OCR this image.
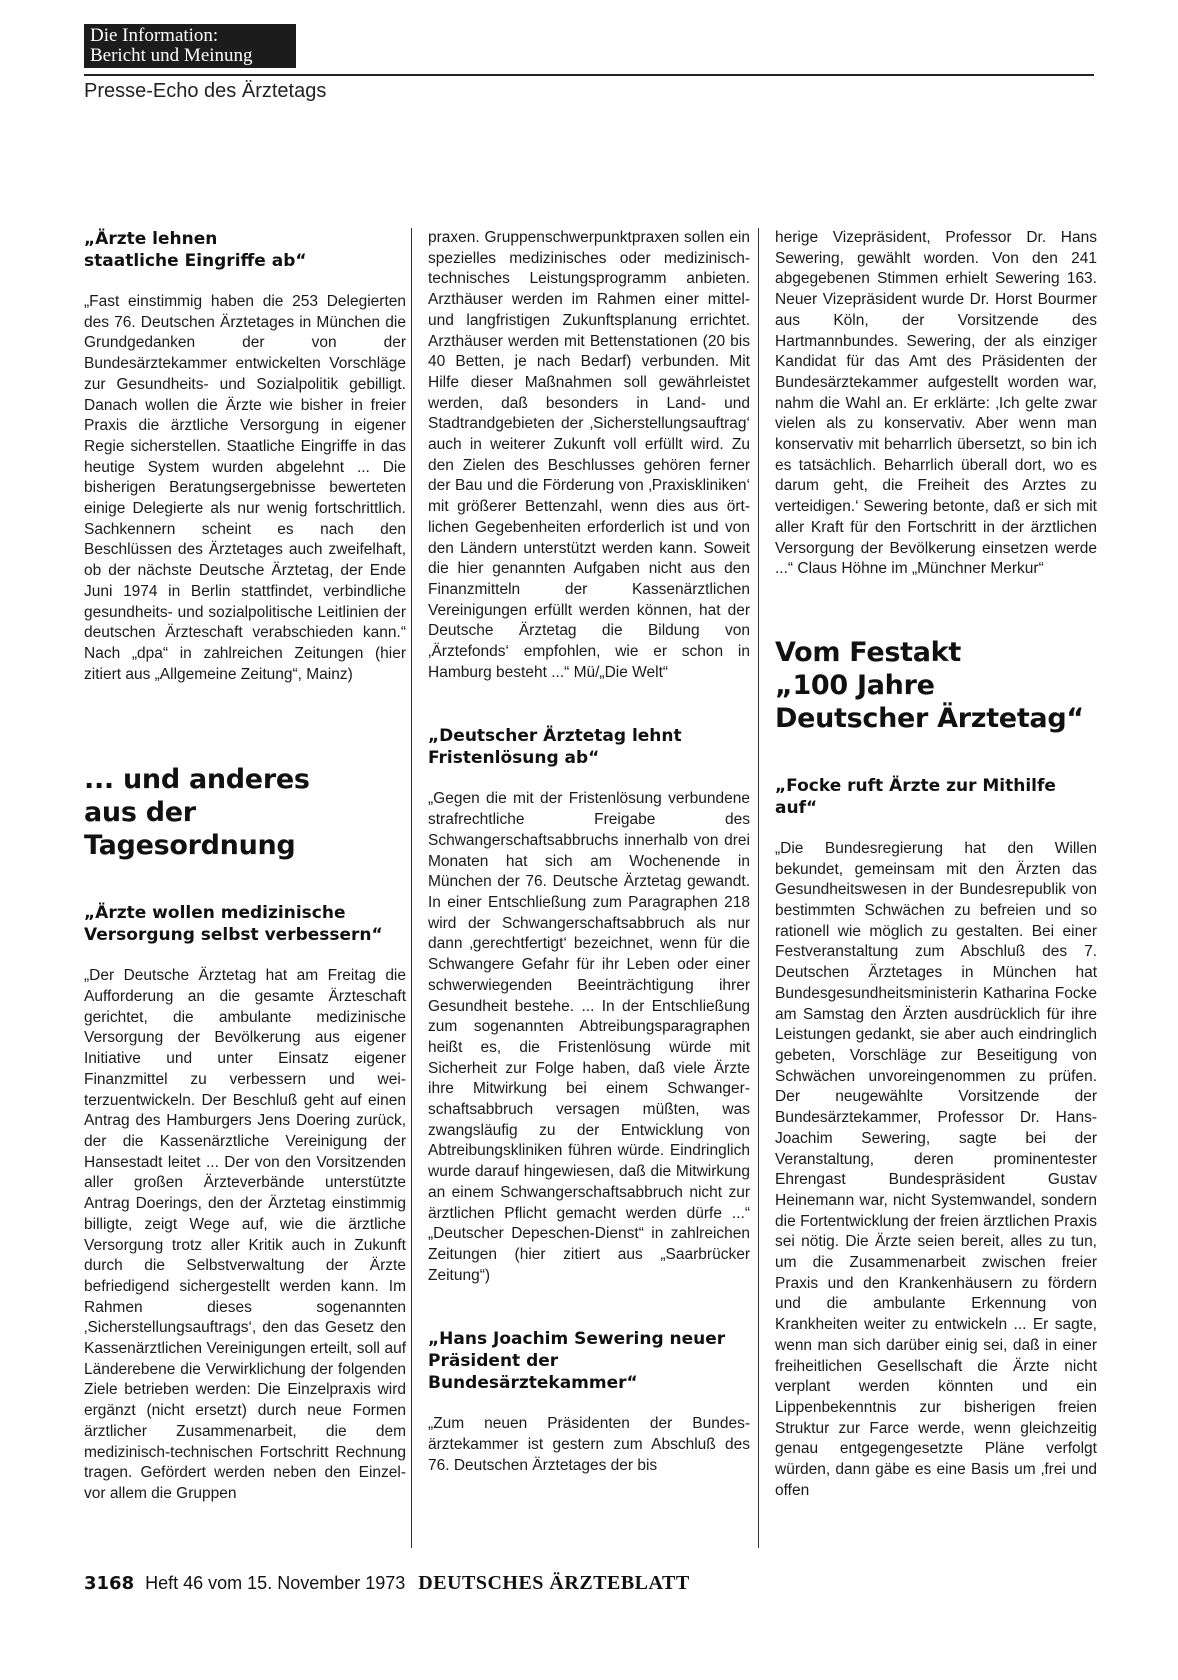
Die Information:
Bericht und Meinung
Presse-Echo des Ärztetags
„Ärzte lehnen
staatliche Eingriffe ab“

„Fast einstimmig haben die 253 Delegierten des 76. Deutschen Ärztetages in München die Grundgedanken der von der Bundesärztekammer entwickelten Vorschläge zur Gesundheits- und Sozialpolitik gebilligt. Danach wollen die Ärzte wie bisher in freier Praxis die ärztliche Versorgung in eigener Regie sicherstellen. Staatliche Eingriffe in das heutige System wurden abgelehnt ... Die bisherigen Beratungsergebnisse bewerteten einige Delegierte als nur wenig fortschrittlich. Sachkennern scheint es nach den Beschlüssen des Ärztetages auch zweifelhaft, ob der nächste Deutsche Ärztetag, der Ende Juni 1974 in Berlin stattfindet, verbindliche gesundheits- und sozialpolitische Leitlinien der deutschen Ärzteschaft verabschieden kann.“ Nach „dpa“ in zahlreichen Zeitungen (hier zitiert aus „Allgemeine Zeitung“, Mainz)

... und anderes
aus der Tagesordnung
„Ärzte wollen medizinische
Versorgung selbst verbessern“

„Der Deutsche Ärztetag hat am Freitag die Aufforderung an die gesamte Ärzteschaft gerichtet, die ambulante medizinische Versorgung der Bevölkerung aus eigener Initiative und unter Einsatz eigener Finanzmittel zu verbessern und weiterzuentwickeln. Der Beschluß geht auf einen Antrag des Hamburgers Jens Doering zurück, der die Kassenärztliche Vereinigung der Hansestadt leitet ... Der von den Vorsitzenden aller großen Ärzteverbände unterstützte Antrag Doerings, den der Ärztetag einstimmig billigte, zeigt Wege auf, wie die ärztliche Versorgung trotz aller Kritik auch in Zukunft durch die Selbstverwaltung der Ärzte befriedigend sichergestellt werden kann. Im Rahmen dieses sogenannten ‚Sicherstellungsauftrags‘, den das Gesetz den Kassenärztlichen Vereinigungen erteilt, soll auf Länderebene die Verwirklichung der folgenden Ziele betrieben werden: Die Einzelpraxis wird ergänzt (nicht ersetzt) durch neue Formen ärztlicher Zusammenarbeit, die dem medizinisch-technischen Fortschritt Rechnung tragen. Gefördert werden neben den Einzel- vor allem die Gruppen

praxen. Gruppenschwerpunktpraxen sollen ein spezielles medizinisches oder medizinisch-technisches Leistungsprogramm anbieten. Arzthäuser werden im Rahmen einer mittel- und langfristigen Zukunftsplanung errichtet. Arzthäuser werden mit Bettenstationen (20 bis 40 Betten, je nach Bedarf) verbunden. Mit Hilfe dieser Maßnahmen soll gewährleistet werden, daß besonders in Land- und Stadtrandgebieten der ‚Sicherstellungsauftrag‘ auch in weiterer Zukunft voll erfüllt wird. Zu den Zielen des Beschlusses gehören ferner der Bau und die Förderung von ‚Praxiskliniken‘ mit größerer Bettenzahl, wenn dies aus örtlichen Gegebenheiten erforderlich ist und von den Ländern unterstützt werden kann. Soweit die hier genannten Aufgaben nicht aus den Finanzmitteln der Kassenärztlichen Vereinigungen erfüllt werden können, hat der Deutsche Ärztetag die Bildung von ‚Ärztefonds‘ empfohlen, wie er schon in Hamburg besteht ...“ Mü/„Die Welt“

„Deutscher Ärztetag lehnt
Fristenlösung ab“

„Gegen die mit der Fristenlösung verbundene strafrechtliche Freigabe des Schwangerschaftsabbruchs innerhalb von drei Monaten hat sich am Wochenende in München der 76. Deutsche Ärztetag gewandt. In einer Entschließung zum Paragraphen 218 wird der Schwangerschaftsabbruch als nur dann ‚gerechtfertigt‘ bezeichnet, wenn für die Schwangere Gefahr für ihr Leben oder einer schwerwiegenden Beeinträchtigung ihrer Gesundheit bestehe. ... In der Entschließung zum sogenannten Abtreibungsparagraphen heißt es, die Fristenlösung würde mit Sicherheit zur Folge haben, daß viele Ärzte ihre Mitwirkung bei einem Schwangerschaftsabbruch versagen müßten, was zwangsläufig zu der Entwicklung von Abtreibungskliniken führen würde. Eindringlich wurde darauf hingewiesen, daß die Mitwirkung an einem Schwangerschaftsabbruch nicht zur ärztlichen Pflicht gemacht werden dürfe ...“ „Deutscher Depeschen-Dienst“ in zahlreichen Zeitungen (hier zitiert aus „Saarbrücker Zeitung“)

„Hans Joachim Sewering neuer
Präsident der Bundesärztekammer“

„Zum neuen Präsidenten der Bundesärztekammer ist gestern zum Abschluß des 76. Deutschen Ärztetages der bis

herige Vizepräsident, Professor Dr. Hans Sewering, gewählt worden. Von den 241 abgegebenen Stimmen erhielt Sewering 163. Neuer Vizepräsident wurde Dr. Horst Bourmer aus Köln, der Vorsitzende des Hartmannbundes. Sewering, der als einziger Kandidat für das Amt des Präsidenten der Bundesärztekammer aufgestellt worden war, nahm die Wahl an. Er erklärte: ‚Ich gelte zwar vielen als zu konservativ. Aber wenn man konservativ mit beharrlich übersetzt, so bin ich es tatsächlich. Beharrlich überall dort, wo es darum geht, die Freiheit des Arztes zu verteidigen.‘ Sewering betonte, daß er sich mit aller Kraft für den Fortschritt in der ärztlichen Versorgung der Bevölkerung einsetzen werde ...“ Claus Höhne im „Münchner Merkur“

Vom Festakt
„100 Jahre
Deutscher Ärztetag“
„Focke ruft Ärzte zur Mithilfe auf“

„Die Bundesregierung hat den Willen bekundet, gemeinsam mit den Ärzten das Gesundheitswesen in der Bundesrepublik von bestimmten Schwächen zu befreien und so rationell wie möglich zu gestalten. Bei einer Festveranstaltung zum Abschluß des 7. Deutschen Ärztetages in München hat Bundesgesundheitsministerin Katharina Focke am Samstag den Ärzten ausdrücklich für ihre Leistungen gedankt, sie aber auch eindringlich gebeten, Vorschläge zur Beseitigung von Schwächen unvoreingenommen zu prüfen. Der neugewählte Vorsitzende der Bundesärztekammer, Professor Dr. Hans-Joachim Sewering, sagte bei der Veranstaltung, deren prominentester Ehrengast Bundespräsident Gustav Heinemann war, nicht Systemwandel, sondern die Fortentwicklung der freien ärztlichen Praxis sei nötig. Die Ärzte seien bereit, alles zu tun, um die Zusammenarbeit zwischen freier Praxis und den Krankenhäusern zu fördern und die ambulante Erkennung von Krankheiten weiter zu entwickeln ... Er sagte, wenn man sich darüber einig sei, daß in einer freiheitlichen Gesellschaft die Ärzte nicht verplant werden könnten und ein Lippenbekenntnis zur bisherigen freien Struktur zur Farce werde, wenn gleichzeitig genau entgegengesetzte Pläne verfolgt würden, dann gäbe es eine Basis um ‚frei und offen

3168 Heft 46 vom 15. November 1973 DEUTSCHES ÄRZTEBLATT
